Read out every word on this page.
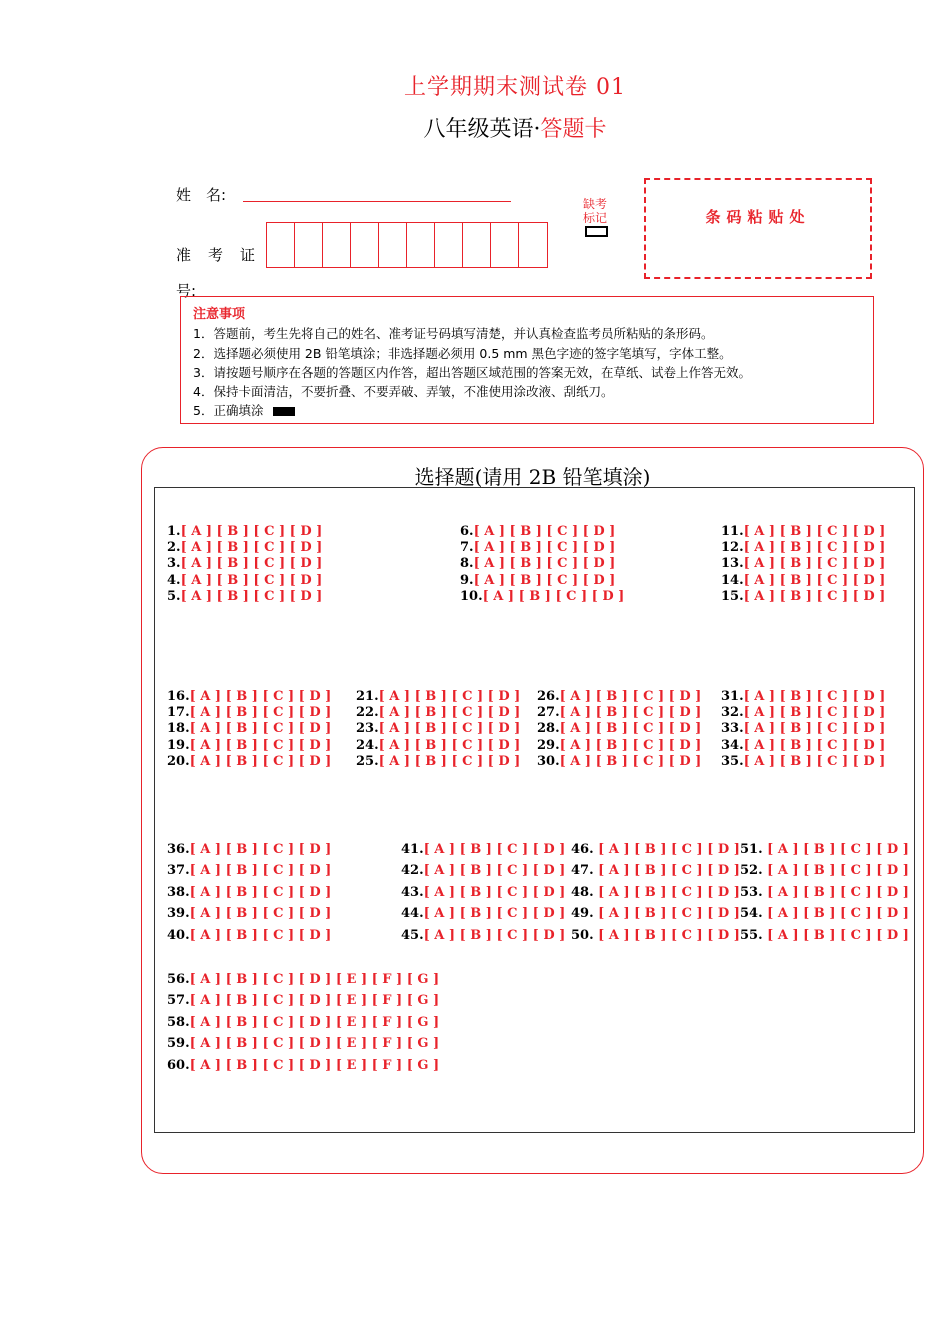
上学期期末测试卷 01
八年级英语·答题卡
姓　名:
准　考　证
号:
缺考
标记	条码粘贴处
注意事项
1．答题前，考生先将自己的姓名、准考证号码填写清楚，并认真检查监考员所粘贴的条形码。
2．选择题必须使用 2B 铅笔填涂；非选择题必须用 0.5 mm 黑色字迹的签字笔填写，字体工整。
3．请按题号顺序在各题的答题区内作答，超出答题区域范围的答案无效，在草纸、试卷上作答无效。
4．保持卡面清洁，不要折叠、不要弄破、弄皱，不准使用涂改液、刮纸刀。
5．正确填涂
选择题(请用 2B 铅笔填涂)
1.[ A ] [ B ] [ C ] [ D ]
2.[ A ] [ B ] [ C ] [ D ]
3.[ A ] [ B ] [ C ] [ D ]
4.[ A ] [ B ] [ C ] [ D ]
5.[ A ] [ B ] [ C ] [ D ]
6.[ A ] [ B ] [ C ] [ D ]
7.[ A ] [ B ] [ C ] [ D ]
8.[ A ] [ B ] [ C ] [ D ]
9.[ A ] [ B ] [ C ] [ D ]
10.[ A ] [ B ] [ C ] [ D ]
11.[ A ] [ B ] [ C ] [ D ]
12.[ A ] [ B ] [ C ] [ D ]
13.[ A ] [ B ] [ C ] [ D ]
14.[ A ] [ B ] [ C ] [ D ]
15.[ A ] [ B ] [ C ] [ D ]
16.[ A ] [ B ] [ C ] [ D ]
17.[ A ] [ B ] [ C ] [ D ]
18.[ A ] [ B ] [ C ] [ D ]
19.[ A ] [ B ] [ C ] [ D ]
20.[ A ] [ B ] [ C ] [ D ]
21.[ A ] [ B ] [ C ] [ D ]
22.[ A ] [ B ] [ C ] [ D ]
23.[ A ] [ B ] [ C ] [ D ]
24.[ A ] [ B ] [ C ] [ D ]
25.[ A ] [ B ] [ C ] [ D ]
26.[ A ] [ B ] [ C ] [ D ]
27.[ A ] [ B ] [ C ] [ D ]
28.[ A ] [ B ] [ C ] [ D ]
29.[ A ] [ B ] [ C ] [ D ]
30.[ A ] [ B ] [ C ] [ D ]
31.[ A ] [ B ] [ C ] [ D ]
32.[ A ] [ B ] [ C ] [ D ]
33.[ A ] [ B ] [ C ] [ D ]
34.[ A ] [ B ] [ C ] [ D ]
35.[ A ] [ B ] [ C ] [ D ]
36.[ A ] [ B ] [ C ] [ D ]
37.[ A ] [ B ] [ C ] [ D ]
38.[ A ] [ B ] [ C ] [ D ]
39.[ A ] [ B ] [ C ] [ D ]
40.[ A ] [ B ] [ C ] [ D ]
41.[ A ] [ B ] [ C ] [ D ]
42.[ A ] [ B ] [ C ] [ D ]
43.[ A ] [ B ] [ C ] [ D ]
44.[ A ] [ B ] [ C ] [ D ]
45.[ A ] [ B ] [ C ] [ D ]
46. [ A ] [ B ] [ C ] [ D ]
47. [ A ] [ B ] [ C ] [ D ]
48. [ A ] [ B ] [ C ] [ D ]
49. [ A ] [ B ] [ C ] [ D ]
50. [ A ] [ B ] [ C ] [ D ]
51. [ A ] [ B ] [ C ] [ D ]
52. [ A ] [ B ] [ C ] [ D ]
53. [ A ] [ B ] [ C ] [ D ]
54. [ A ] [ B ] [ C ] [ D ]
55. [ A ] [ B ] [ C ] [ D ]
56.[ A ] [ B ] [ C ] [ D ] [ E ] [ F ] [ G ]
57.[ A ] [ B ] [ C ] [ D ] [ E ] [ F ] [ G ]
58.[ A ] [ B ] [ C ] [ D ] [ E ] [ F ] [ G ]
59.[ A ] [ B ] [ C ] [ D ] [ E ] [ F ] [ G ]
60.[ A ] [ B ] [ C ] [ D ] [ E ] [ F ] [ G ]
